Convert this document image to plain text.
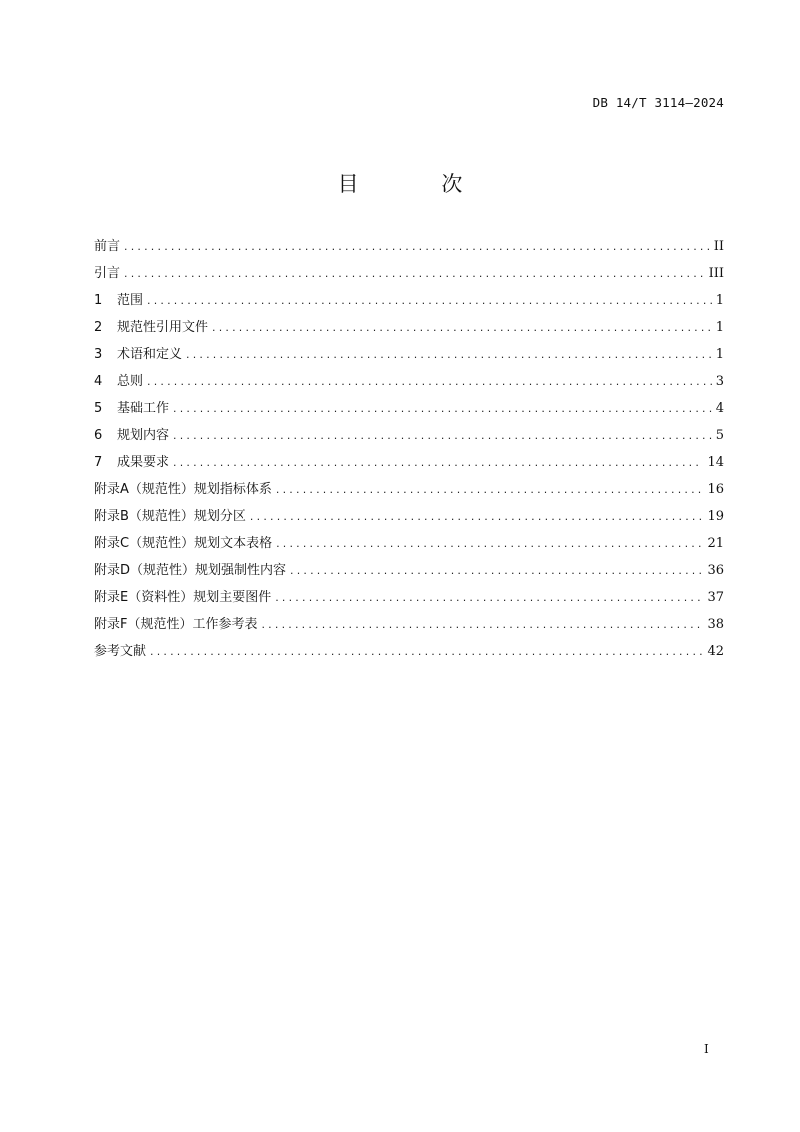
DB 14/T 3114—2024
目 次
前言 .....	II
引言 .....	III
1	范围 .....	1
2	规范性引用文件 .....	1
3	术语和定义 .....	1
4	总则 .....	3
5	基础工作 .....	4
6	规划内容 .....	5
7	成果要求 .....	14
附录A（规范性）规划指标体系 .....	16
附录B（规范性）规划分区 .....	19
附录C（规范性）规划文本表格 .....	21
附录D（规范性）规划强制性内容 .....	36
附录E（资料性）规划主要图件 .....	37
附录F（规范性）工作参考表 .....	38
参考文献 .....	42
I
